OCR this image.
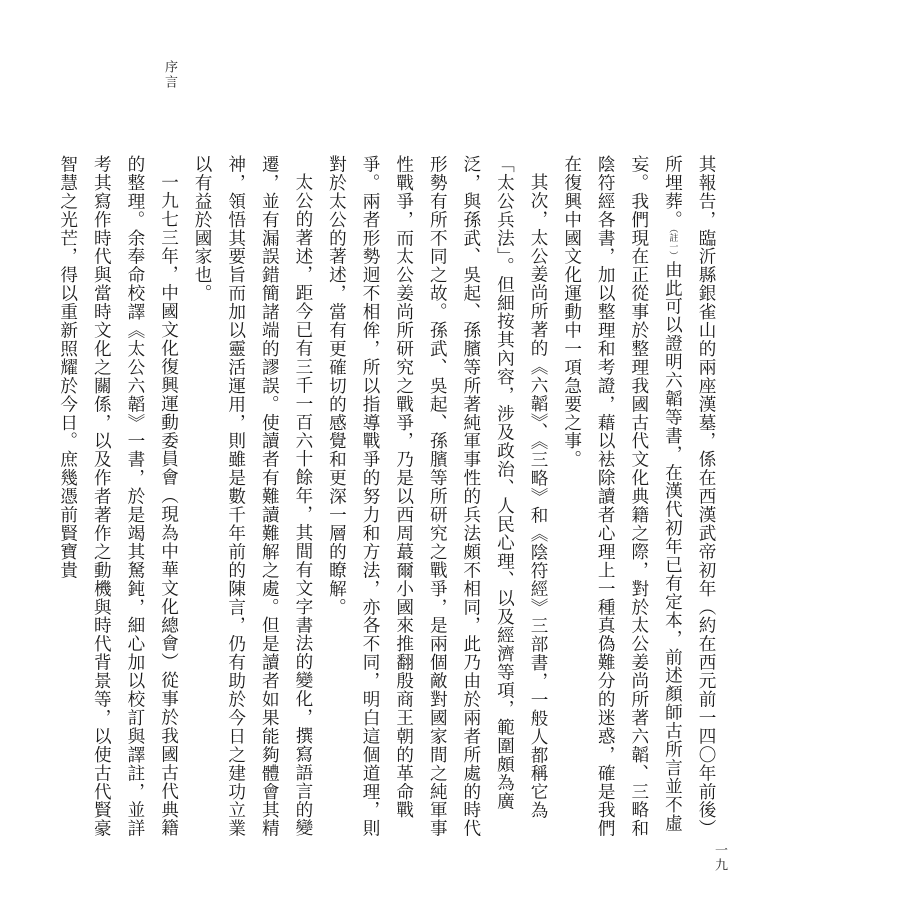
序言

其報告，臨沂縣銀雀山的兩座漢墓，係在西漢武帝初年（約在西元前一四〇年前後）所埋葬。（註一）由此可以證明六韜等書，在漢代初年已有定本，前述顏師古所言並不虛妄。我們現在正從事於整理我國古代文化典籍之際，對於太公姜尚所著六韜、三略和陰符經各書，加以整理和考證，藉以袪除讀者心理上一種真偽難分的迷惑，確是我們在復興中國文化運動中一項急要之事。

其次，太公姜尚所著的《六韜》、《三略》和《陰符經》三部書，一般人都稱它為「太公兵法」。但細按其內容，涉及政治、人民心理、以及經濟等項，範圍頗為廣泛，與孫武、吳起、孫臏等所著純軍事性的兵法頗不相同，此乃由於兩者所處的時代形勢有所不同之故。孫武、吳起、孫臏等所研究之戰爭，是兩個敵對國家間之純軍事性戰爭，而太公姜尚所研究之戰爭，乃是以西周蕞爾小國來推翻殷商王朝的革命戰爭。兩者形勢迥不相侔，所以指導戰爭的努力和方法，亦各不同，明白這個道理，則對於太公的著述，當有更確切的感覺和更深一層的瞭解。

太公的著述，距今已有三千一百六十餘年，其間有文字書法的變化，撰寫語言的變遷，並有漏誤錯簡諸端的謬誤。使讀者有難讀難解之處。但是讀者如果能夠體會其精神，領悟其要旨而加以靈活運用，則雖是數千年前的陳言，仍有助於今日之建功立業以有益於國家也。

一九七三年，中國文化復興運動委員會（現為中華文化總會）從事於我國古代典籍的整理。余奉命校譯《太公六韜》一書，於是竭其駑鈍，細心加以校訂與譯註，並詳考其寫作時代與當時文化之關係，以及作者著作之動機與時代背景等，以使古代賢豪智慧之光芒，得以重新照耀於今日。庶幾憑前賢寶貴

一九
